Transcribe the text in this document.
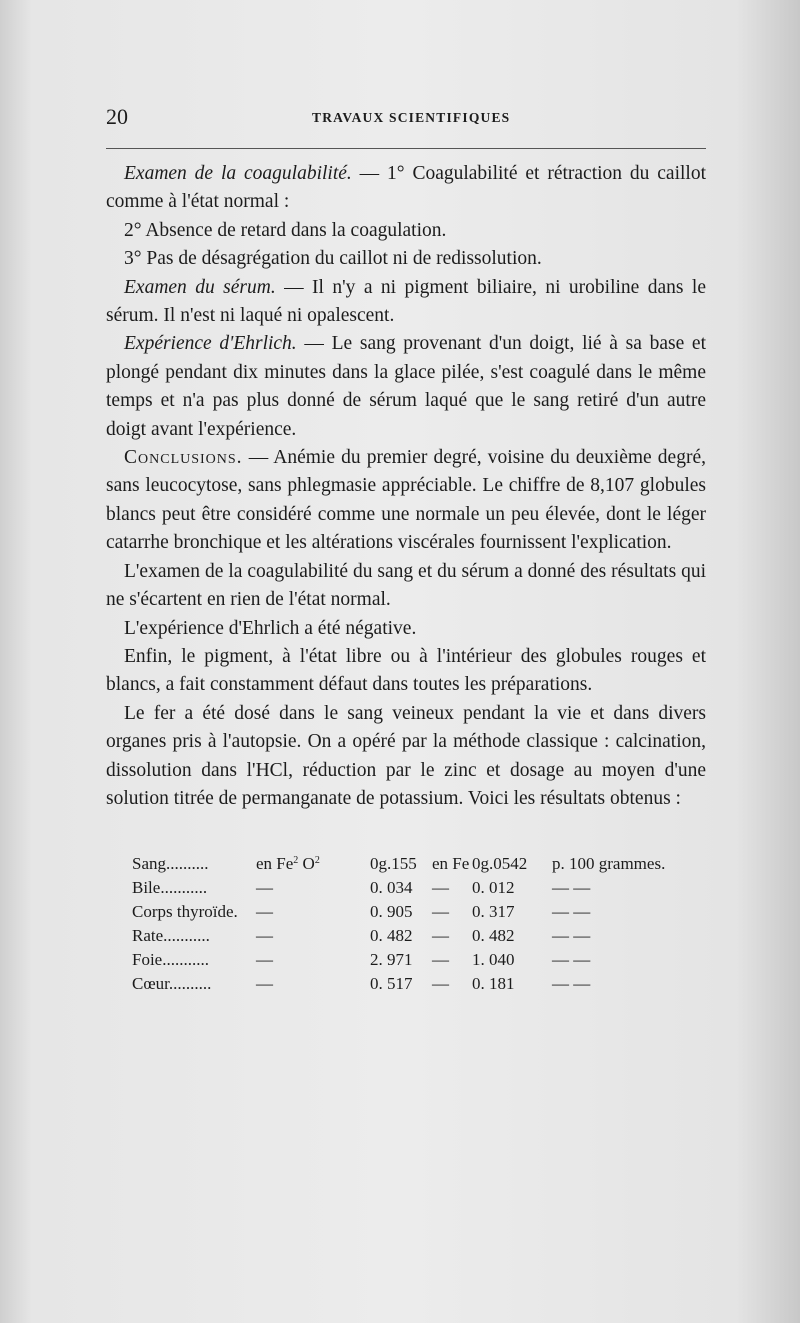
20	TRAVAUX SCIENTIFIQUES

Examen de la coagulabilité. — 1° Coagulabilité et rétraction du caillot comme à l'état normal :

2° Absence de retard dans la coagulation.

3° Pas de désagrégation du caillot ni de redissolution.

Examen du sérum. — Il n'y a ni pigment biliaire, ni urobiline dans le sérum. Il n'est ni laqué ni opalescent.

Expérience d'Ehrlich. — Le sang provenant d'un doigt, lié à sa base et plongé pendant dix minutes dans la glace pilée, s'est coagulé dans le même temps et n'a pas plus donné de sérum laqué que le sang retiré d'un autre doigt avant l'expérience.

Conclusions. — Anémie du premier degré, voisine du deuxième degré, sans leucocytose, sans phlegmasie appréciable. Le chiffre de 8,107 globules blancs peut être considéré comme une normale un peu élevée, dont le léger catarrhe bronchique et les altérations viscérales fournissent l'explication.

L'examen de la coagulabilité du sang et du sérum a donné des résultats qui ne s'écartent en rien de l'état normal.

L'expérience d'Ehrlich a été négative.

Enfin, le pigment, à l'état libre ou à l'intérieur des globules rouges et blancs, a fait constamment défaut dans toutes les préparations.

Le fer a été dosé dans le sang veineux pendant la vie et dans divers organes pris à l'autopsie. On a opéré par la méthode classique : calcination, dissolution dans l'HCl, réduction par le zinc et dosage au moyen d'une solution titrée de permanganate de potassium. Voici les résultats obtenus :

Sang..........	en Fe$^2$ $O^2$	0g.155 en Fe 0g.0542 p. 100 grammes.
Bile...........	—	0. 034 — 0. 012 — —
Corps thyroïde. —	0. 905 — 0. 317 — —
Rate...........	—	0. 482 — 0. 482 — —
Foie...........	—	2. 971 — 1. 040 — —
Cœur..........	—	0. 517 — 0. 181 — —
